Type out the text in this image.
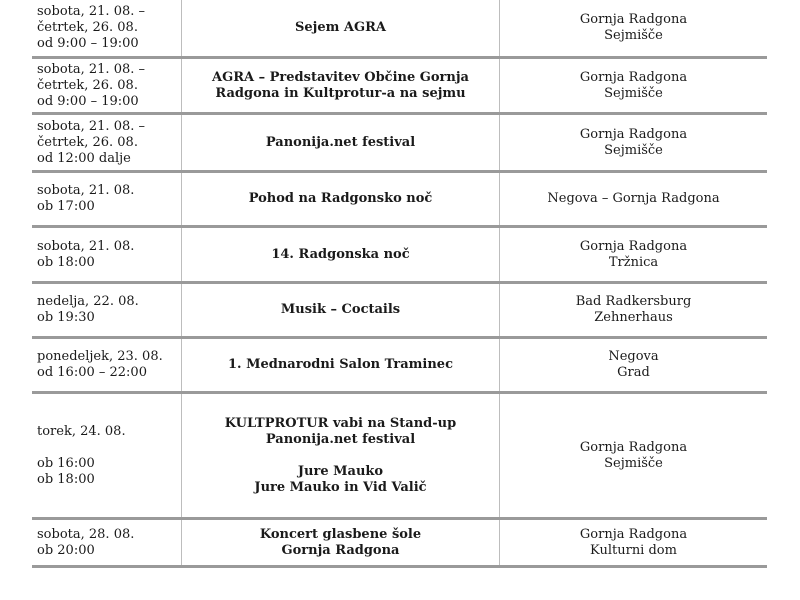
sobota, 21. 08. –
četrtek, 26. 08.
od 9:00 – 19:00
Sejem AGRA
Gornja Radgona
Sejmišče
sobota, 21. 08. –
četrtek, 26. 08.
od 9:00 – 19:00
AGRA – Predstavitev Občine Gornja
Radgona in Kultprotur-a na sejmu
Gornja Radgona
Sejmišče
sobota, 21. 08. –
četrtek, 26. 08.
od 12:00 dalje
Panonija.net festival
Gornja Radgona
Sejmišče
sobota, 21. 08.
ob 17:00
Pohod na Radgonsko noč	Negova – Gornja Radgona
sobota, 21. 08.
ob 18:00
14. Radgonska noč
Gornja Radgona
Tržnica
nedelja, 22. 08.
ob 19:30
Musik – Coctails
Bad Radkersburg
Zehnerhaus
ponedeljek, 23. 08.
od 16:00 – 22:00
1. Mednarodni Salon Traminec
Negova
Grad
torek, 24. 08.
ob 16:00
ob 18:00
KULTPROTUR vabi na Stand-up
Panonija.net festival
Jure Mauko
Jure Mauko in Vid Valič
Gornja Radgona
Sejmišče
sobota, 28. 08.
ob 20:00
Koncert glasbene šole
Gornja Radgona
Gornja Radgona
Kulturni dom
